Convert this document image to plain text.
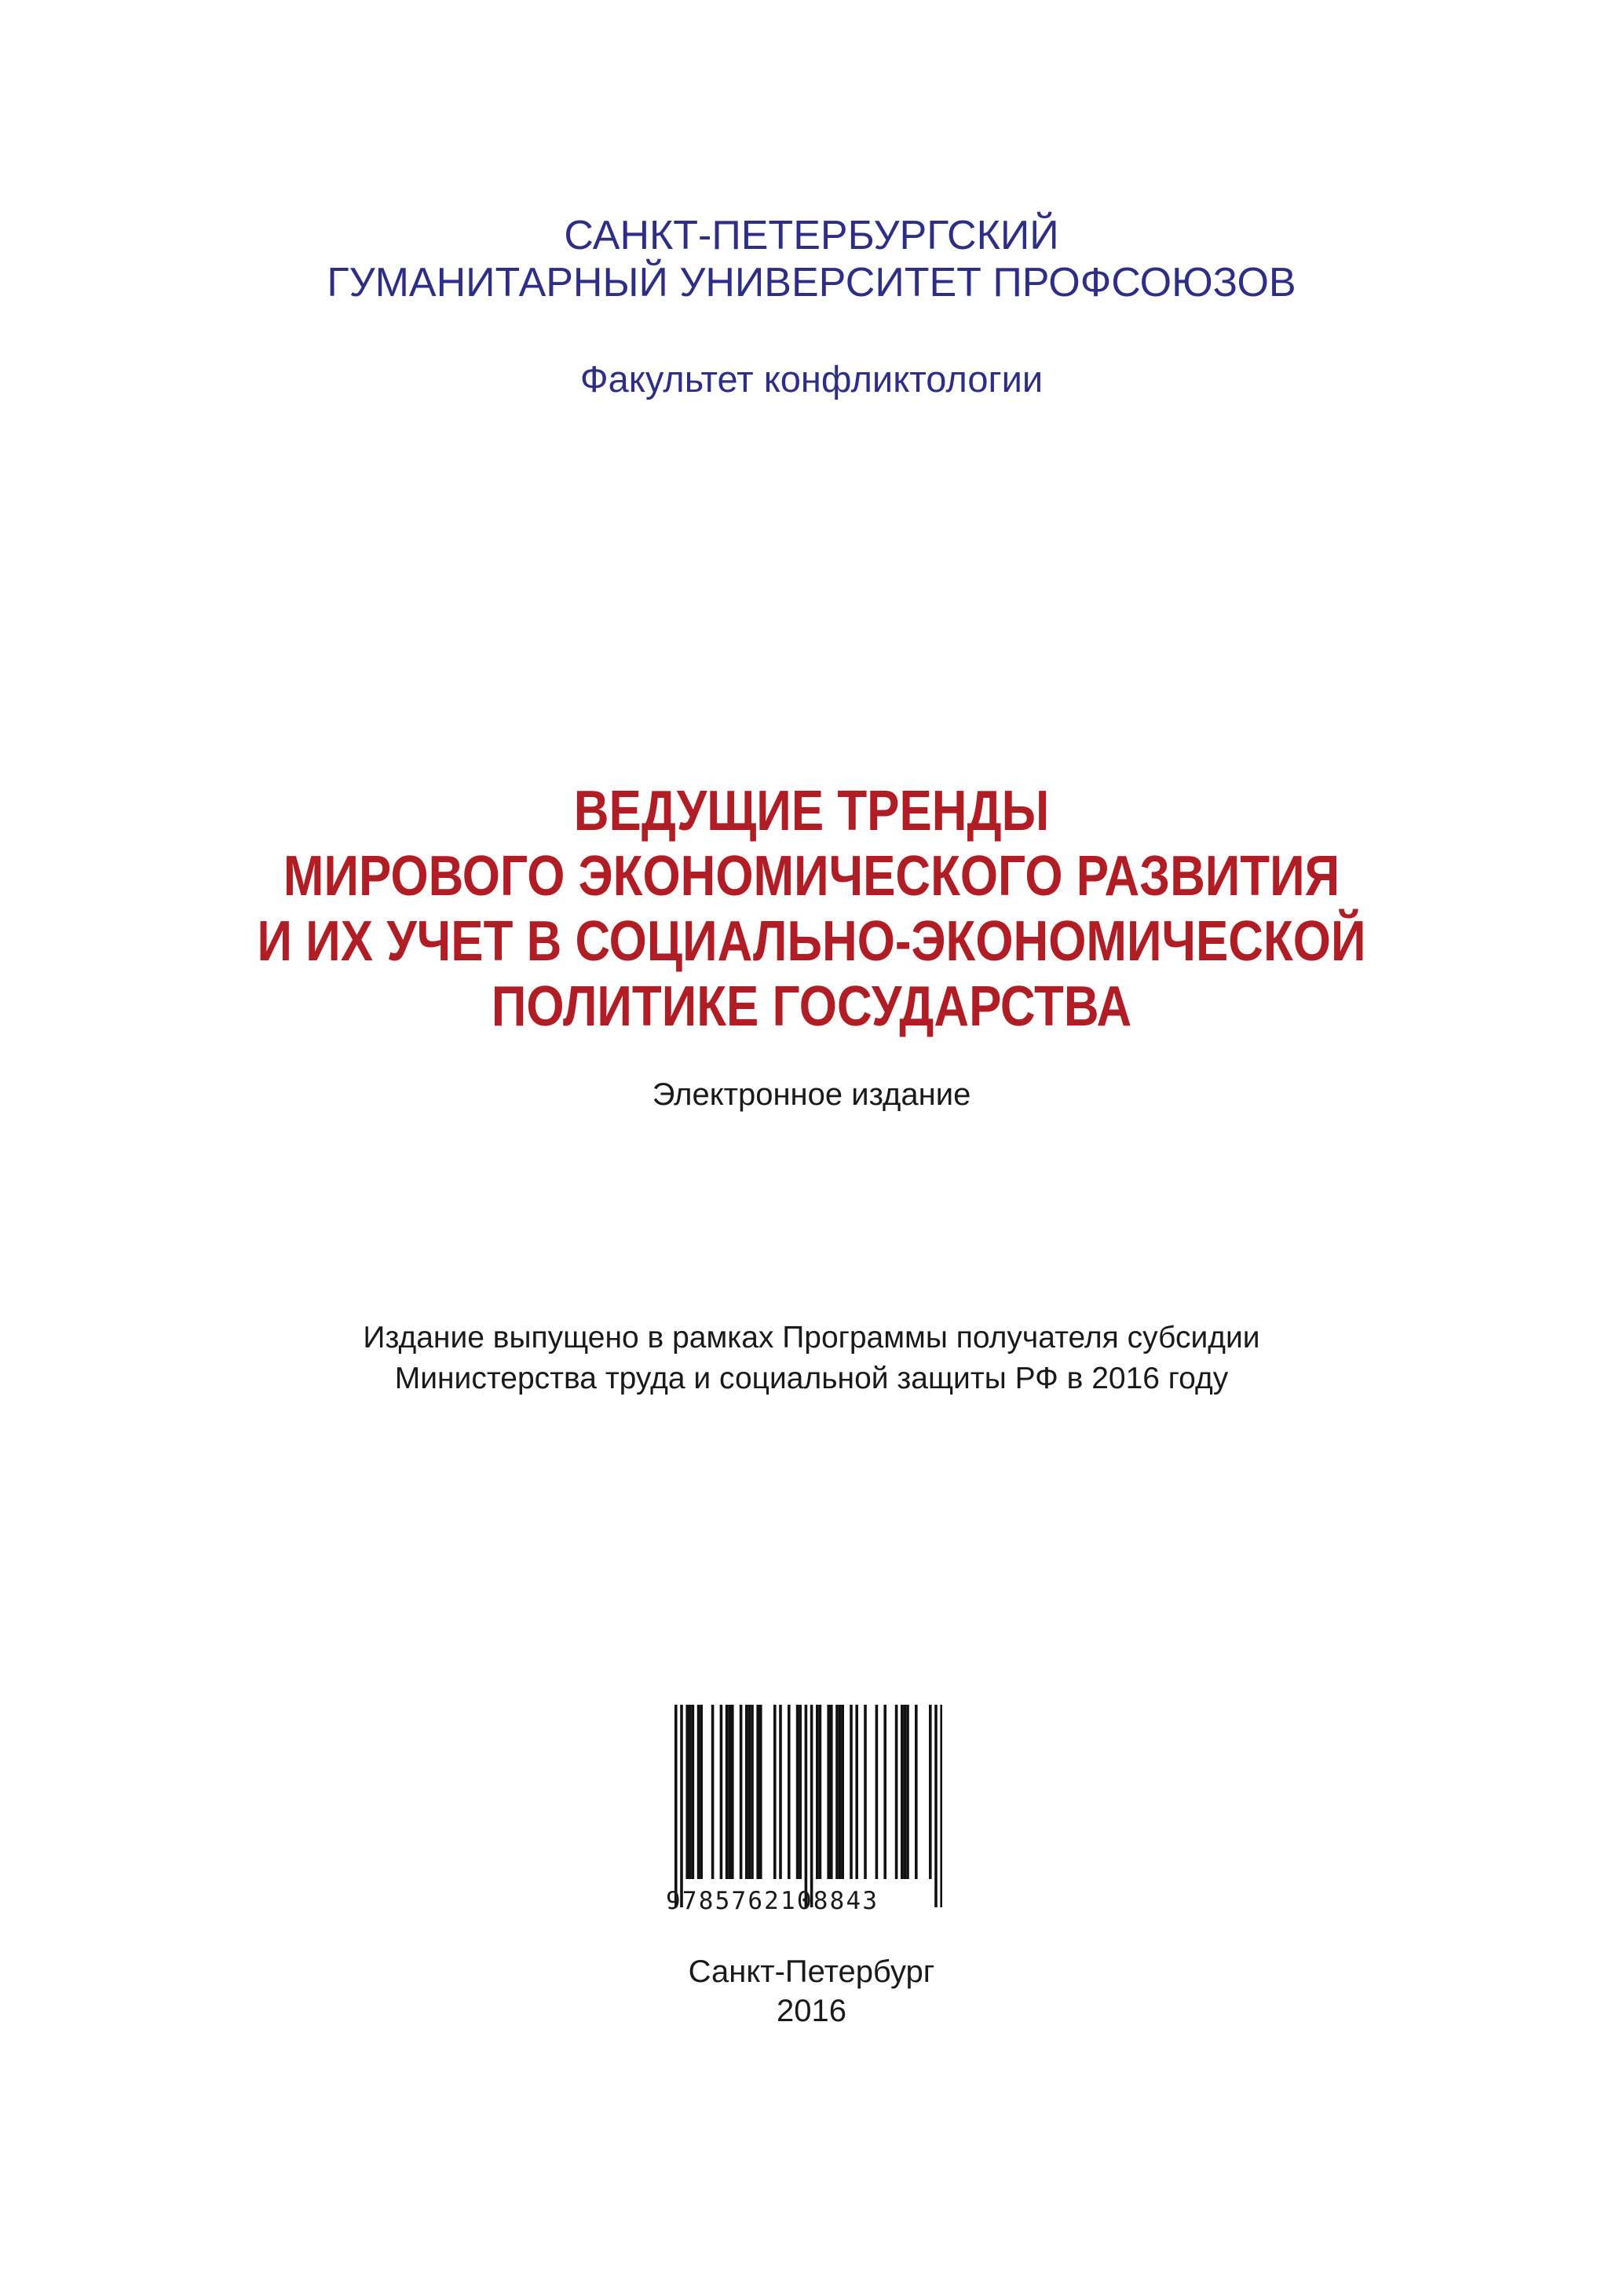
САНКТ-ПЕТЕРБУРГСКИЙ
ГУМАНИТАРНЫЙ УНИВЕРСИТЕТ ПРОФСОЮЗОВ
Факультет конфликтологии
ВЕДУЩИЕ ТРЕНДЫ
МИРОВОГО ЭКОНОМИЧЕСКОГО РАЗВИТИЯ
И ИХ УЧЕТ В СОЦИАЛЬНО-ЭКОНОМИЧЕСКОЙ
ПОЛИТИКЕ ГОСУДАРСТВА
Электронное издание
Издание выпущено в рамках Программы получателя субсидии
Министерства труда и социальной защиты РФ в 2016 году
9785762108843
Санкт-Петербург
2016
